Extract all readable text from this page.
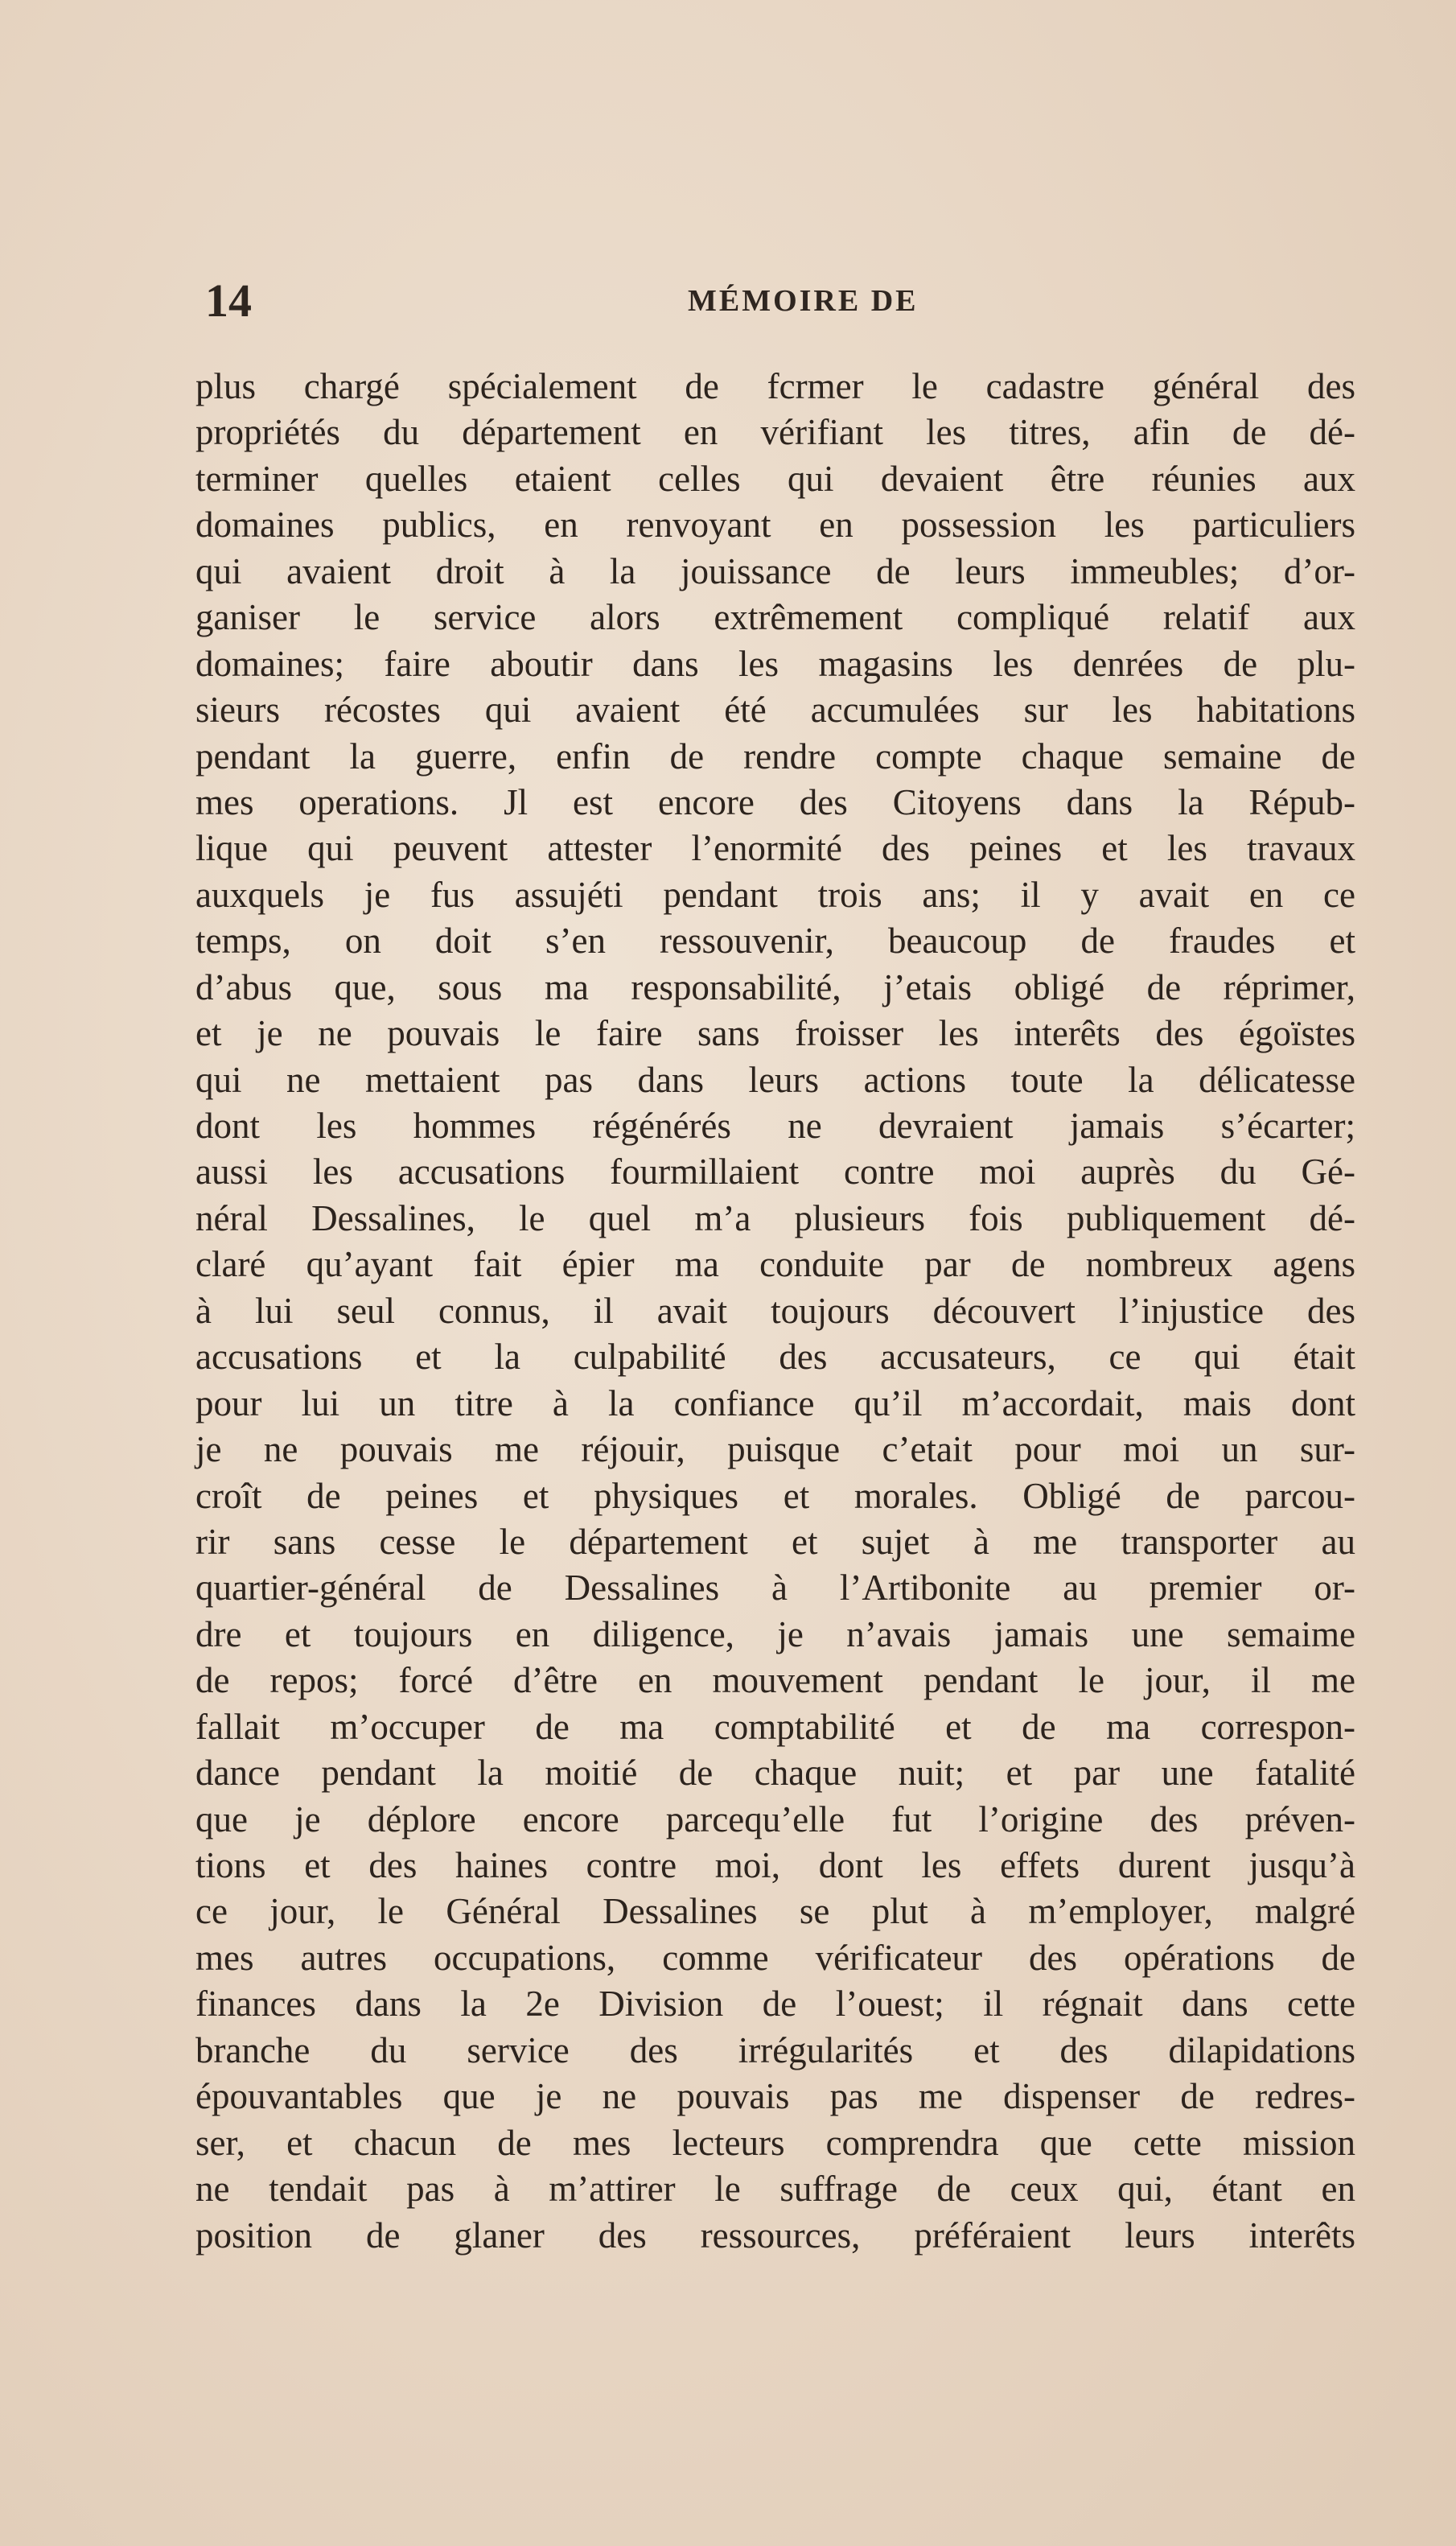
14	MÉMOIRE DE
plus chargé spécialement de fcrmer le cadastre général des
propriétés du département en vérifiant les titres, afin de dé-
terminer quelles etaient celles qui devaient être réunies aux
domaines publics, en renvoyant en possession les particuliers
qui avaient droit à la jouissance de leurs immeubles; d’or-
ganiser le service alors extrêmement compliqué relatif aux
domaines; faire aboutir dans les magasins les denrées de plu-
sieurs récostes qui avaient été accumulées sur les habitations
pendant la guerre, enfin de rendre compte chaque semaine de
mes operations. Jl est encore des Citoyens dans la Répub-
lique qui peuvent attester l’enormité des peines et les travaux
auxquels je fus assujéti pendant trois ans; il y avait en ce
temps, on doit s’en ressouvenir, beaucoup de fraudes et
d’abus que, sous ma responsabilité, j’etais obligé de réprimer,
et je ne pouvais le faire sans froisser les interêts des égoïstes
qui ne mettaient pas dans leurs actions toute la délicatesse
dont les hommes régénérés ne devraient jamais s’écarter;
aussi les accusations fourmillaient contre moi auprès du Gé-
néral Dessalines, le quel m’a plusieurs fois publiquement dé-
claré qu’ayant fait épier ma conduite par de nombreux agens
à lui seul connus, il avait toujours découvert l’injustice des
accusations et la culpabilité des accusateurs, ce qui était
pour lui un titre à la confiance qu’il m’accordait, mais dont
je ne pouvais me réjouir, puisque c’etait pour moi un sur-
croît de peines et physiques et morales. Obligé de parcou-
rir sans cesse le département et sujet à me transporter au
quartier-général de Dessalines à l’Artibonite au premier or-
dre et toujours en diligence, je n’avais jamais une semaime
de repos; forcé d’être en mouvement pendant le jour, il me
fallait m’occuper de ma comptabilité et de ma correspon-
dance pendant la moitié de chaque nuit; et par une fatalité
que je déplore encore parcequ’elle fut l’origine des préven-
tions et des haines contre moi, dont les effets durent jusqu’à
ce jour, le Général Dessalines se plut à m’employer, malgré
mes autres occupations, comme vérificateur des opérations de
finances dans la 2e Division de l’ouest; il régnait dans cette
branche du service des irrégularités et des dilapidations
épouvantables que je ne pouvais pas me dispenser de redres-
ser, et chacun de mes lecteurs comprendra que cette mission
ne tendait pas à m’attirer le suffrage de ceux qui, étant en
position de glaner des ressources, préféraient leurs interêts
